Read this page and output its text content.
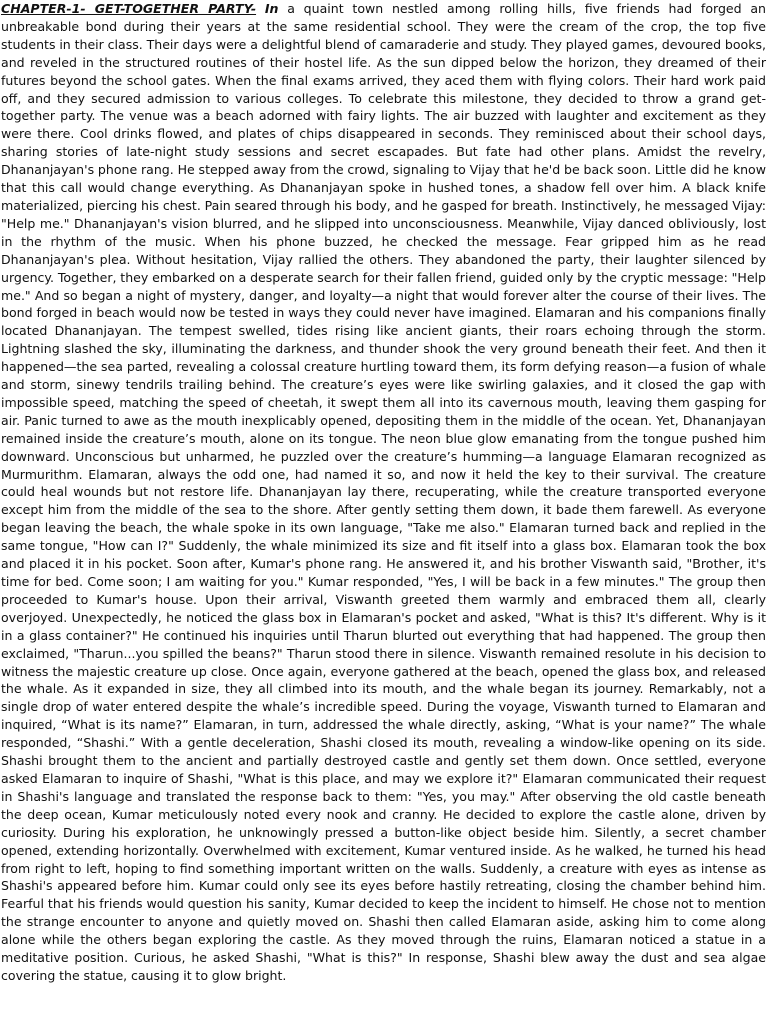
CHAPTER-1- GET-TOGETHER PARTY- In a quaint town nestled among rolling hills, five friends had forged an unbreakable bond during their years at the same residential school. They were the cream of the crop, the top five students in their class. Their days were a delightful blend of camaraderie and study. They played games, devoured books, and reveled in the structured routines of their hostel life. As the sun dipped below the horizon, they dreamed of their futures beyond the school gates. When the final exams arrived, they aced them with flying colors. Their hard work paid off, and they secured admission to various colleges. To celebrate this milestone, they decided to throw a grand get-together party. The venue was a beach adorned with fairy lights. The air buzzed with laughter and excitement as they were there. Cool drinks flowed, and plates of chips disappeared in seconds. They reminisced about their school days, sharing stories of late-night study sessions and secret escapades. But fate had other plans. Amidst the revelry, Dhananjayan's phone rang. He stepped away from the crowd, signaling to Vijay that he'd be back soon. Little did he know that this call would change everything. As Dhananjayan spoke in hushed tones, a shadow fell over him. A black knife materialized, piercing his chest. Pain seared through his body, and he gasped for breath. Instinctively, he messaged Vijay: "Help me." Dhananjayan's vision blurred, and he slipped into unconsciousness. Meanwhile, Vijay danced obliviously, lost in the rhythm of the music. When his phone buzzed, he checked the message. Fear gripped him as he read Dhananjayan's plea. Without hesitation, Vijay rallied the others. They abandoned the party, their laughter silenced by urgency. Together, they embarked on a desperate search for their fallen friend, guided only by the cryptic message: "Help me." And so began a night of mystery, danger, and loyalty—a night that would forever alter the course of their lives. The bond forged in beach would now be tested in ways they could never have imagined. Elamaran and his companions finally located Dhananjayan. The tempest swelled, tides rising like ancient giants, their roars echoing through the storm. Lightning slashed the sky, illuminating the darkness, and thunder shook the very ground beneath their feet. And then it happened—the sea parted, revealing a colossal creature hurtling toward them, its form defying reason—a fusion of whale and storm, sinewy tendrils trailing behind. The creature’s eyes were like swirling galaxies, and it closed the gap with impossible speed, matching the speed of cheetah, it swept them all into its cavernous mouth, leaving them gasping for air. Panic turned to awe as the mouth inexplicably opened, depositing them in the middle of the ocean. Yet, Dhananjayan remained inside the creature’s mouth, alone on its tongue. The neon blue glow emanating from the tongue pushed him downward. Unconscious but unharmed, he puzzled over the creature’s humming—a language Elamaran recognized as Murmurithm. Elamaran, always the odd one, had named it so, and now it held the key to their survival. The creature could heal wounds but not restore life. Dhananjayan lay there, recuperating, while the creature transported everyone except him from the middle of the sea to the shore. After gently setting them down, it bade them farewell. As everyone began leaving the beach, the whale spoke in its own language, "Take me also." Elamaran turned back and replied in the same tongue, "How can I?" Suddenly, the whale minimized its size and fit itself into a glass box. Elamaran took the box and placed it in his pocket. Soon after, Kumar's phone rang. He answered it, and his brother Viswanth said, "Brother, it's time for bed. Come soon; I am waiting for you." Kumar responded, "Yes, I will be back in a few minutes." The group then proceeded to Kumar's house. Upon their arrival, Viswanth greeted them warmly and embraced them all, clearly overjoyed. Unexpectedly, he noticed the glass box in Elamaran's pocket and asked, "What is this? It's different. Why is it in a glass container?" He continued his inquiries until Tharun blurted out everything that had happened. The group then exclaimed, "Tharun...you spilled the beans?" Tharun stood there in silence. Viswanth remained resolute in his decision to witness the majestic creature up close. Once again, everyone gathered at the beach, opened the glass box, and released the whale. As it expanded in size, they all climbed into its mouth, and the whale began its journey. Remarkably, not a single drop of water entered despite the whale’s incredible speed. During the voyage, Viswanth turned to Elamaran and inquired, “What is its name?” Elamaran, in turn, addressed the whale directly, asking, “What is your name?” The whale responded, “Shashi.” With a gentle deceleration, Shashi closed its mouth, revealing a window-like opening on its side. Shashi brought them to the ancient and partially destroyed castle and gently set them down. Once settled, everyone asked Elamaran to inquire of Shashi, "What is this place, and may we explore it?" Elamaran communicated their request in Shashi's language and translated the response back to them: "Yes, you may." After observing the old castle beneath the deep ocean, Kumar meticulously noted every nook and cranny. He decided to explore the castle alone, driven by curiosity. During his exploration, he unknowingly pressed a button-like object beside him. Silently, a secret chamber opened, extending horizontally. Overwhelmed with excitement, Kumar ventured inside. As he walked, he turned his head from right to left, hoping to find something important written on the walls. Suddenly, a creature with eyes as intense as Shashi's appeared before him. Kumar could only see its eyes before hastily retreating, closing the chamber behind him. Fearful that his friends would question his sanity, Kumar decided to keep the incident to himself. He chose not to mention the strange encounter to anyone and quietly moved on. Shashi then called Elamaran aside, asking him to come along alone while the others began exploring the castle. As they moved through the ruins, Elamaran noticed a statue in a meditative position. Curious, he asked Shashi, "What is this?" In response, Shashi blew away the dust and sea algae covering the statue, causing it to glow bright.
